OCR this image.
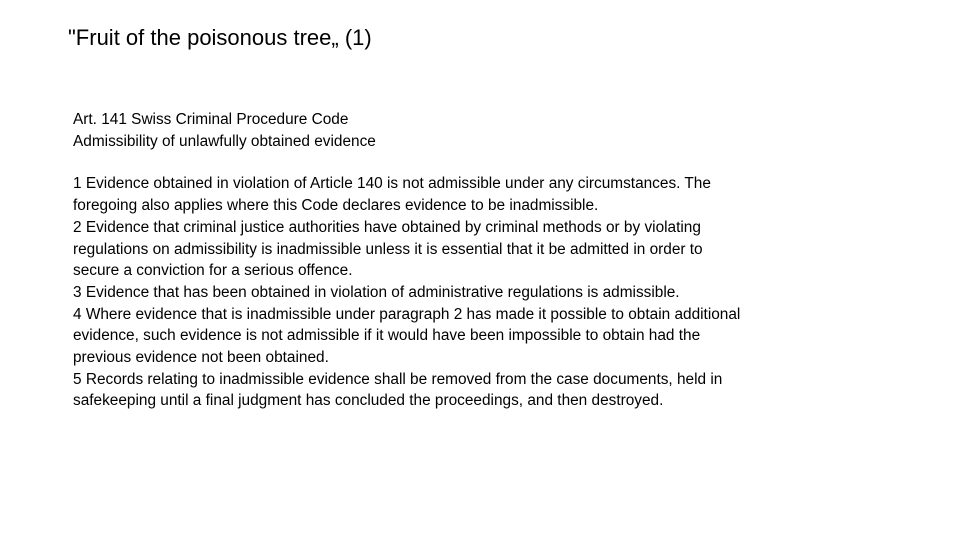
"Fruit of the poisonous tree„ (1)
Art. 141 Swiss Criminal Procedure Code
Admissibility of unlawfully obtained evidence
1 Evidence obtained in violation of Article 140 is not admissible under any circumstances. The
foregoing also applies where this Code declares evidence to be inadmissible.
2 Evidence that criminal justice authorities have obtained by criminal methods or by violating
regulations on admissibility is inadmissible unless it is essential that it be admitted in order to
secure a conviction for a serious offence.
3 Evidence that has been obtained in violation of administrative regulations is admissible.
4 Where evidence that is inadmissible under paragraph 2 has made it possible to obtain additional
evidence, such evidence is not admissible if it would have been impossible to obtain had the
previous evidence not been obtained.
5 Records relating to inadmissible evidence shall be removed from the case documents, held in
safekeeping until a final judgment has concluded the proceedings, and then destroyed.
